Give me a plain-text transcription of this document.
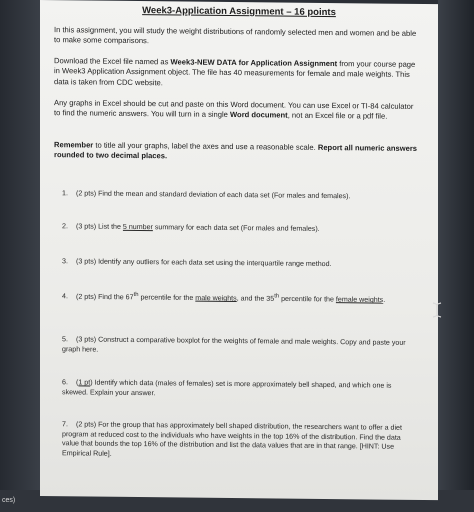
Week3-Application Assignment – 16 points
In this assignment, you will study the weight distributions of randomly selected men and women and be able to make some comparisons.
Download the Excel file named as Week3-NEW DATA for Application Assignment from your course page in Week3 Application Assignment object. The file has 40 measurements for female and male weights. This data is taken from CDC website.
Any graphs in Excel should be cut and paste on this Word document. You can use Excel or TI-84 calculator to find the numeric answers. You will turn in a single Word document, not an Excel file or a pdf file.
Remember to title all your graphs, label the axes and use a reasonable scale. Report all numeric answers rounded to two decimal places.
1. (2 pts) Find the mean and standard deviation of each data set (For males and females).
2. (3 pts) List the 5 number summary for each data set (For males and females).
3. (3 pts) Identify any outliers for each data set using the interquartile range method.
4. (2 pts) Find the 67th percentile for the male weights, and the 35th percentile for the female weights.
5. (3 pts) Construct a comparative boxplot for the weights of female and male weights. Copy and paste your graph here.
6. (1 pt) Identify which data (males of females) set is more approximately bell shaped, and which one is skewed. Explain your answer.
7. (2 pts) For the group that has approximately bell shaped distribution, the researchers want to offer a diet program at reduced cost to the individuals who have weights in the top 16% of the distribution. Find the data value that bounds the top 16% of the distribution and list the data values that are in that range. [HINT: Use Empirical Rule].
ces)
